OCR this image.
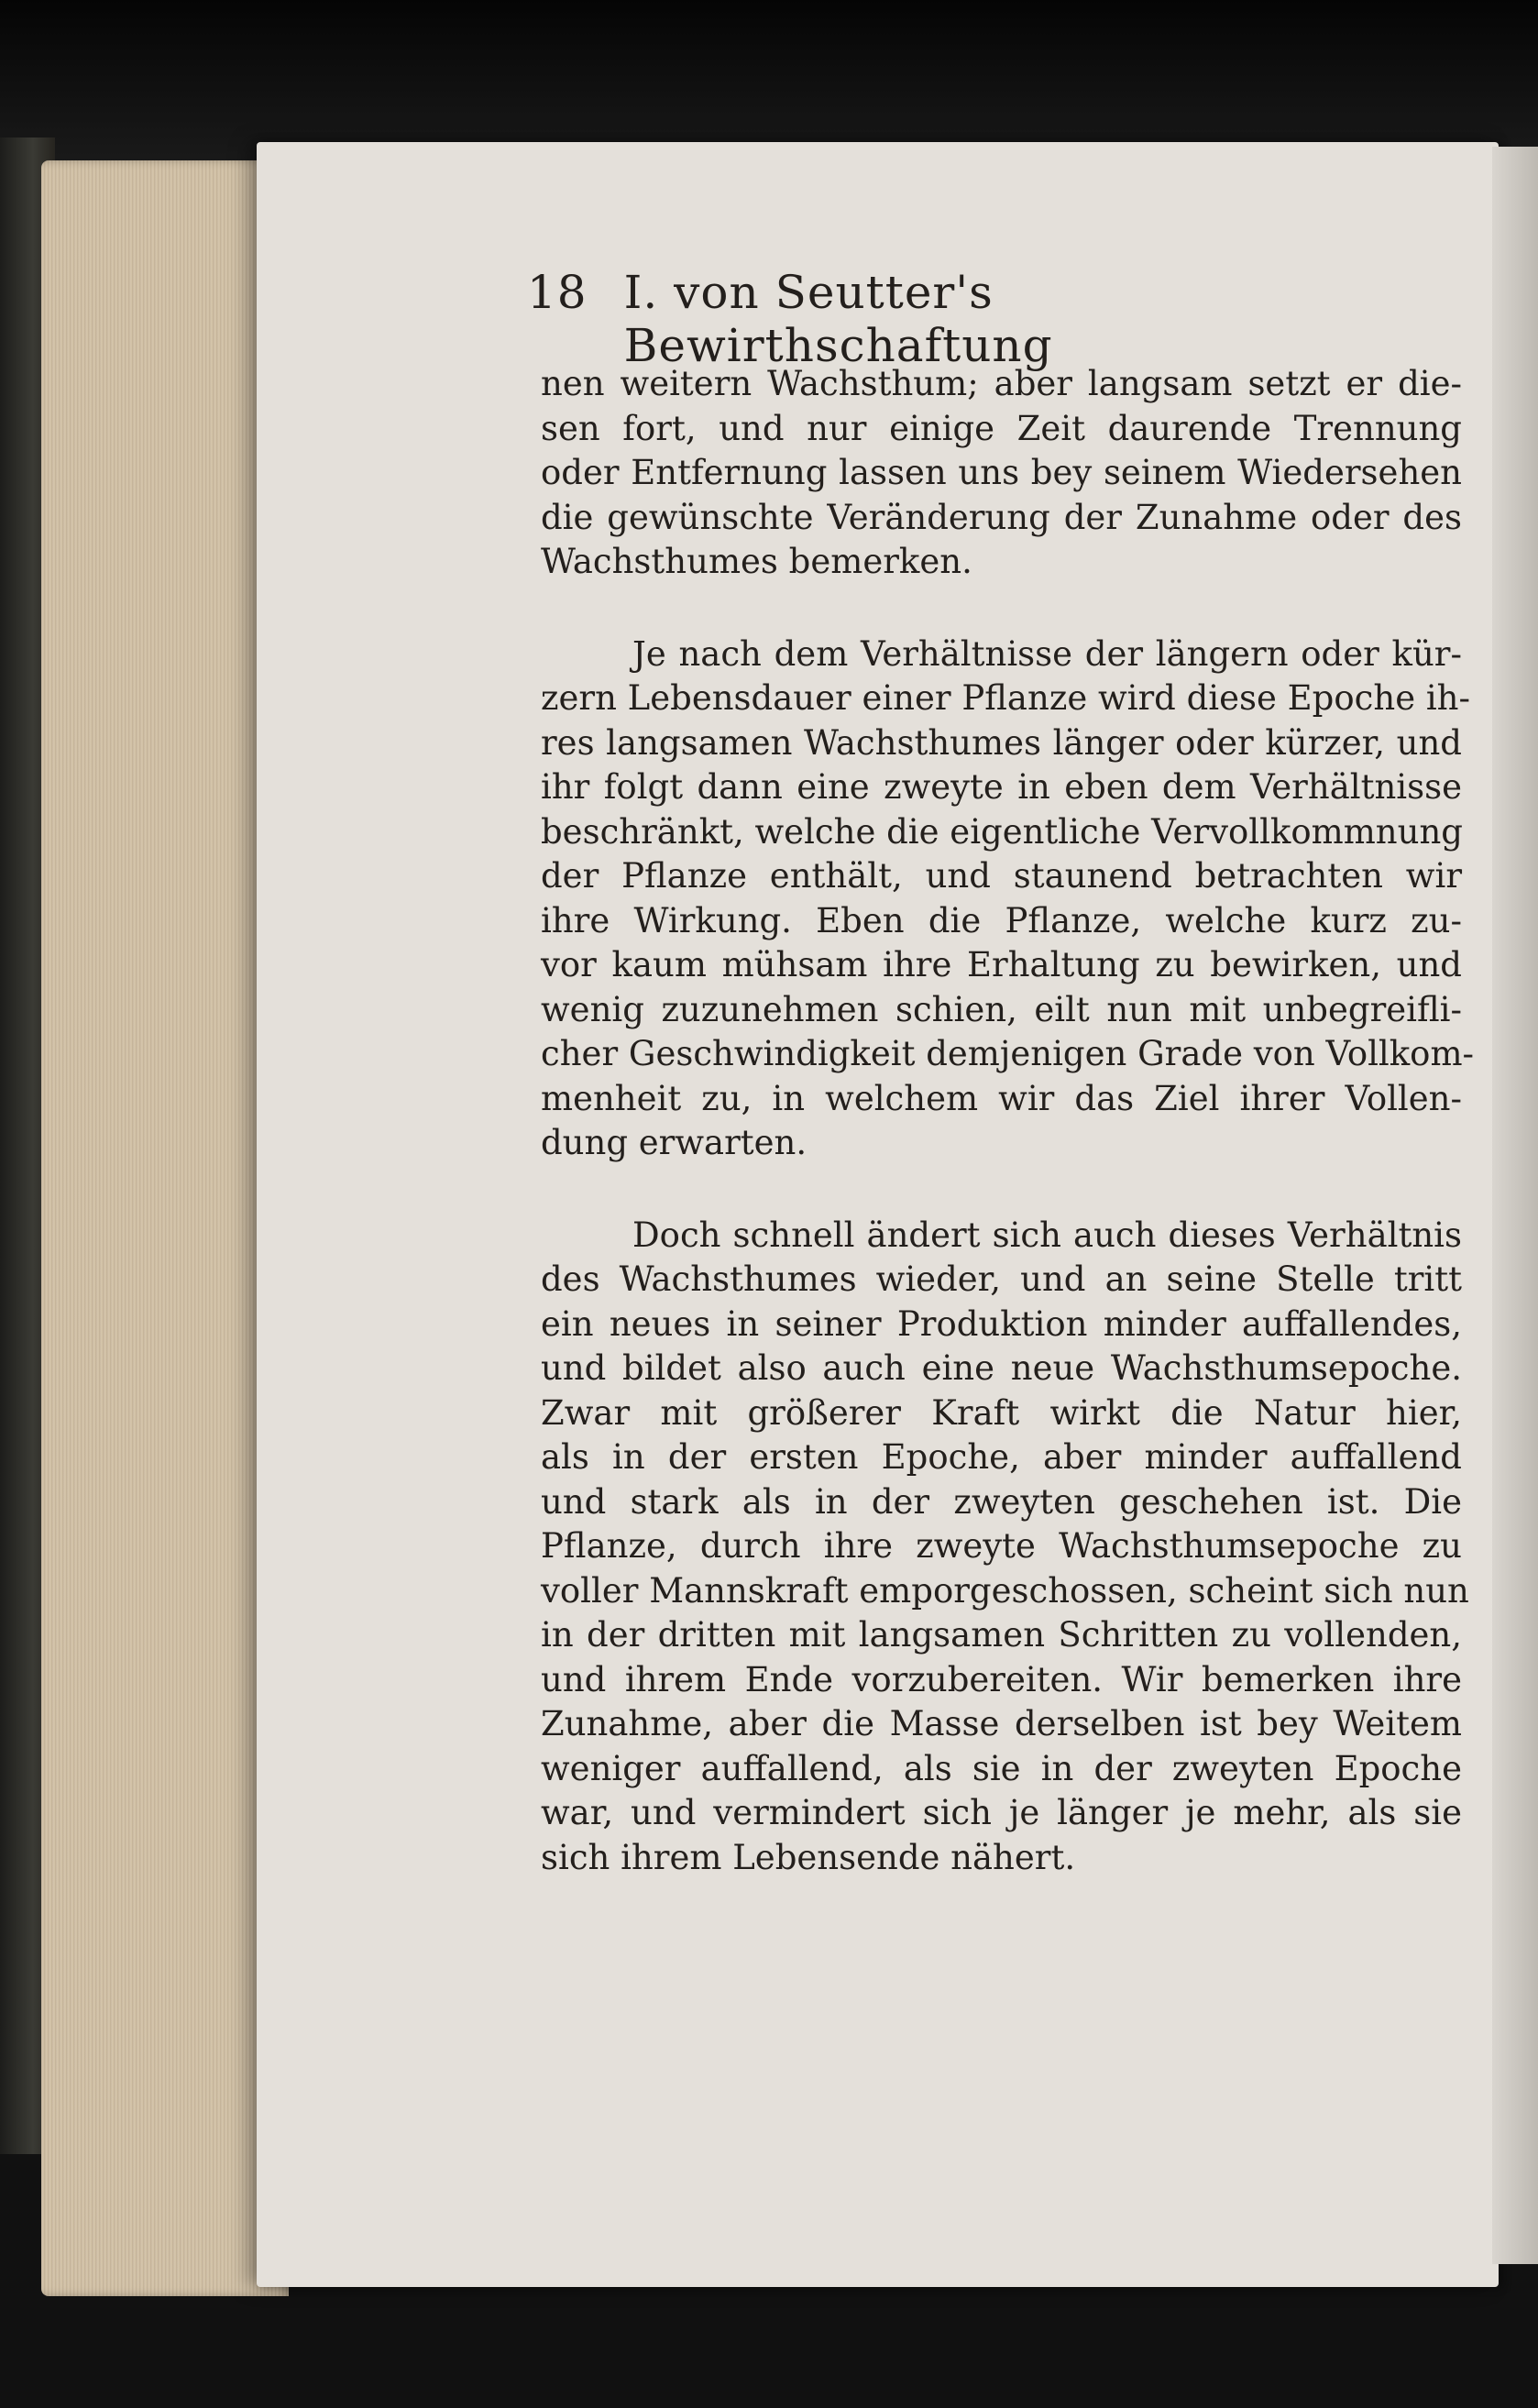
18 I. von Seutter's Bewirthschaftung

nen weitern Wachsthum; aber langsam setzt er die-
sen fort, und nur einige Zeit daurende Trennung
oder Entfernung lassen uns bey seinem Wiedersehen
die gewünschte Veränderung der Zunahme oder des
Wachsthumes bemerken.

Je nach dem Verhältnisse der längern oder kür-
zern Lebensdauer einer Pflanze wird diese Epoche ih-
res langsamen Wachsthumes länger oder kürzer, und
ihr folgt dann eine zweyte in eben dem Verhältnisse
beschränkt, welche die eigentliche Vervollkommnung
der Pflanze enthält, und staunend betrachten wir
ihre Wirkung. Eben die Pflanze, welche kurz zu-
vor kaum mühsam ihre Erhaltung zu bewirken, und
wenig zuzunehmen schien, eilt nun mit unbegreifli-
cher Geschwindigkeit demjenigen Grade von Vollkom-
menheit zu, in welchem wir das Ziel ihrer Vollen-
dung erwarten.

Doch schnell ändert sich auch dieses Verhältnis
des Wachsthumes wieder, und an seine Stelle tritt
ein neues in seiner Produktion minder auffallendes,
und bildet also auch eine neue Wachsthumsepoche.
Zwar mit größerer Kraft wirkt die Natur hier,
als in der ersten Epoche, aber minder auffallend
und stark als in der zweyten geschehen ist. Die
Pflanze, durch ihre zweyte Wachsthumsepoche zu
voller Mannskraft emporgeschossen, scheint sich nun
in der dritten mit langsamen Schritten zu vollenden,
und ihrem Ende vorzubereiten. Wir bemerken ihre
Zunahme, aber die Masse derselben ist bey Weitem
weniger auffallend, als sie in der zweyten Epoche
war, und vermindert sich je länger je mehr, als sie
sich ihrem Lebensende nähert.
